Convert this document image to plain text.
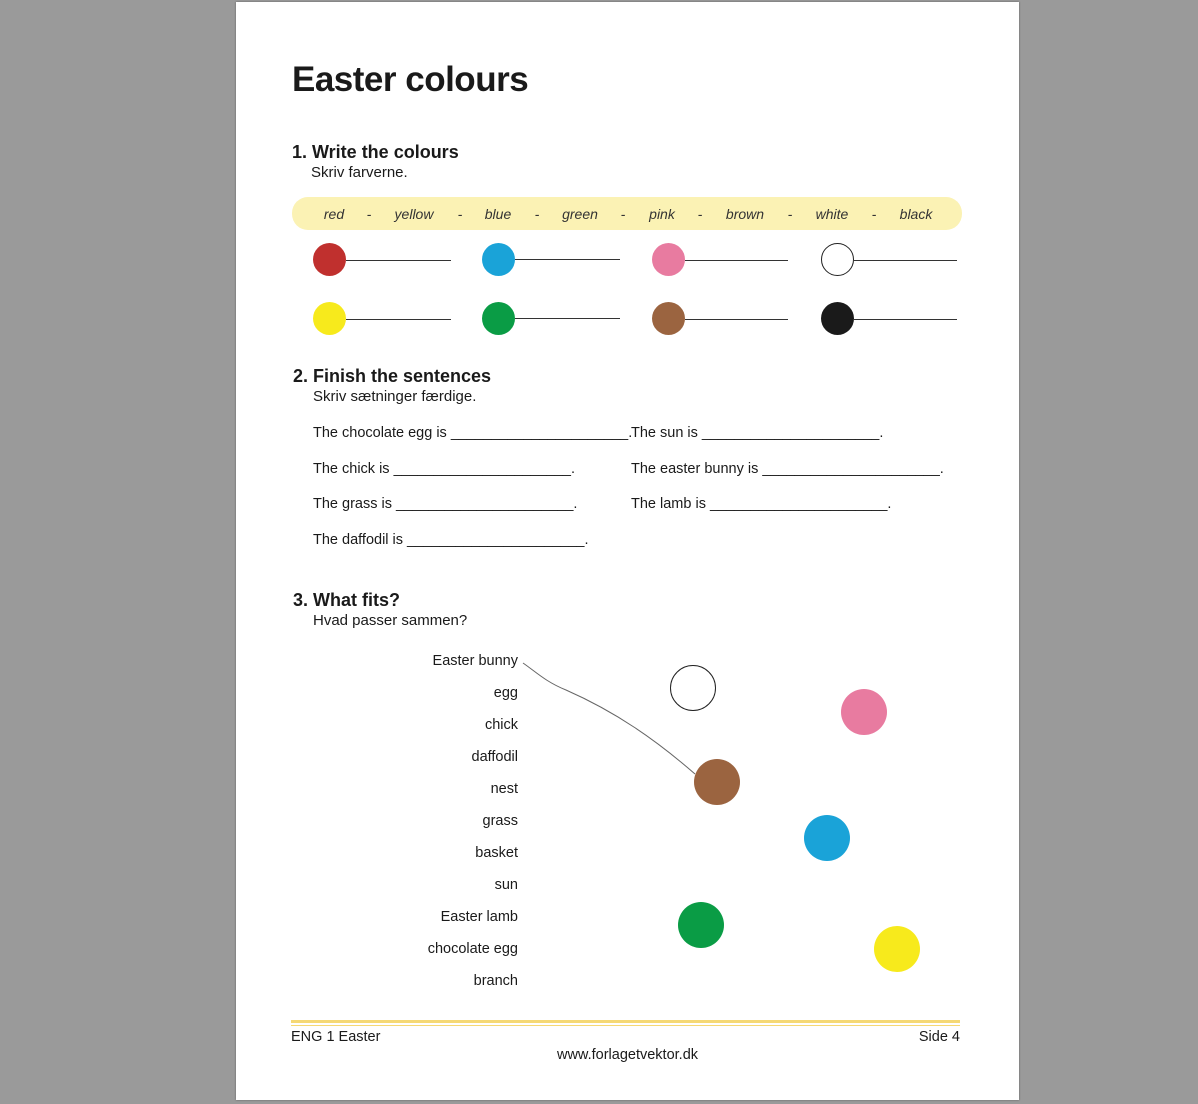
Easter colours
1. Write the colours
Skriv farverne.
red - yellow - blue - green - pink - brown - white - black
2. Finish the sentences
Skriv sætninger færdige.
The chocolate egg is ______________________.
The chick is ______________________.
The grass is ______________________.
The daffodil is ______________________.
The sun is ______________________.
The easter bunny is ______________________.
The lamb is ______________________.
3. What fits?
Hvad passer sammen?
Easter bunny
egg
chick
daffodil
nest
grass
basket
sun
Easter lamb
chocolate egg
branch
ENG 1 Easter	Side 4
www.forlagetvektor.dk
